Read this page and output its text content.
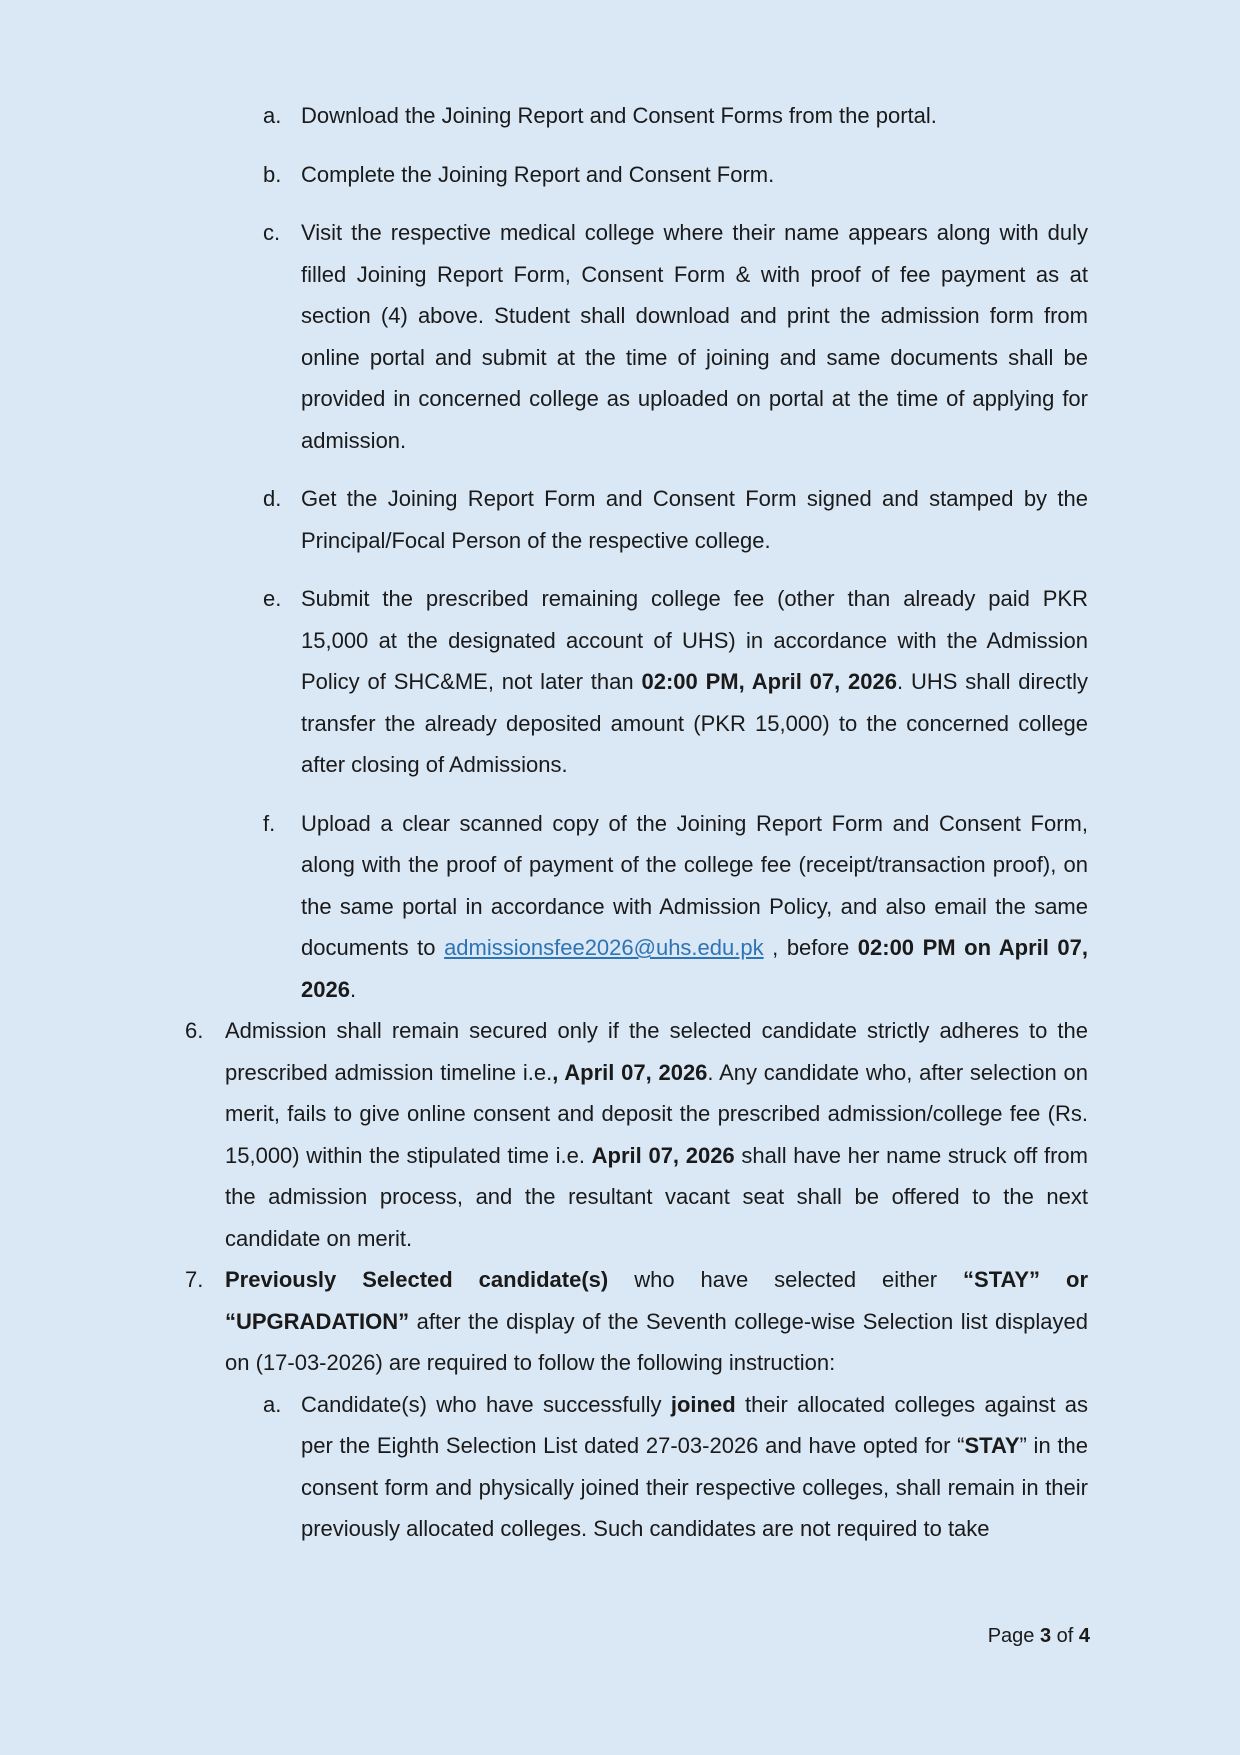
a. Download the Joining Report and Consent Forms from the portal.
b. Complete the Joining Report and Consent Form.
c. Visit the respective medical college where their name appears along with duly filled Joining Report Form, Consent Form & with proof of fee payment as at section (4) above. Student shall download and print the admission form from online portal and submit at the time of joining and same documents shall be provided in concerned college as uploaded on portal at the time of applying for admission.
d. Get the Joining Report Form and Consent Form signed and stamped by the Principal/Focal Person of the respective college.
e. Submit the prescribed remaining college fee (other than already paid PKR 15,000 at the designated account of UHS) in accordance with the Admission Policy of SHC&ME, not later than 02:00 PM, April 07, 2026. UHS shall directly transfer the already deposited amount (PKR 15,000) to the concerned college after closing of Admissions.
f.	Upload a clear scanned copy of the Joining Report Form and Consent Form, along with the proof of payment of the college fee (receipt/transaction proof), on the same portal in accordance with Admission Policy, and also email the same documents to admissionsfee2026@uhs.edu.pk , before 02:00 PM on April 07, 2026.
6. Admission shall remain secured only if the selected candidate strictly adheres to the prescribed admission timeline i.e., April 07, 2026. Any candidate who, after selection on merit, fails to give online consent and deposit the prescribed admission/college fee (Rs. 15,000) within the stipulated time i.e. April 07, 2026 shall have her name struck off from the admission process, and the resultant vacant seat shall be offered to the next candidate on merit.
7. Previously Selected candidate(s) who have selected either “STAY” or “UPGRADATION” after the display of the Seventh college-wise Selection list displayed on (17-03-2026) are required to follow the following instruction:
a. Candidate(s) who have successfully joined their allocated colleges against as per the Eighth Selection List dated 27-03-2026 and have opted for “STAY” in the consent form and physically joined their respective colleges, shall remain in their previously allocated colleges. Such candidates are not required to take
Page 3 of 4
